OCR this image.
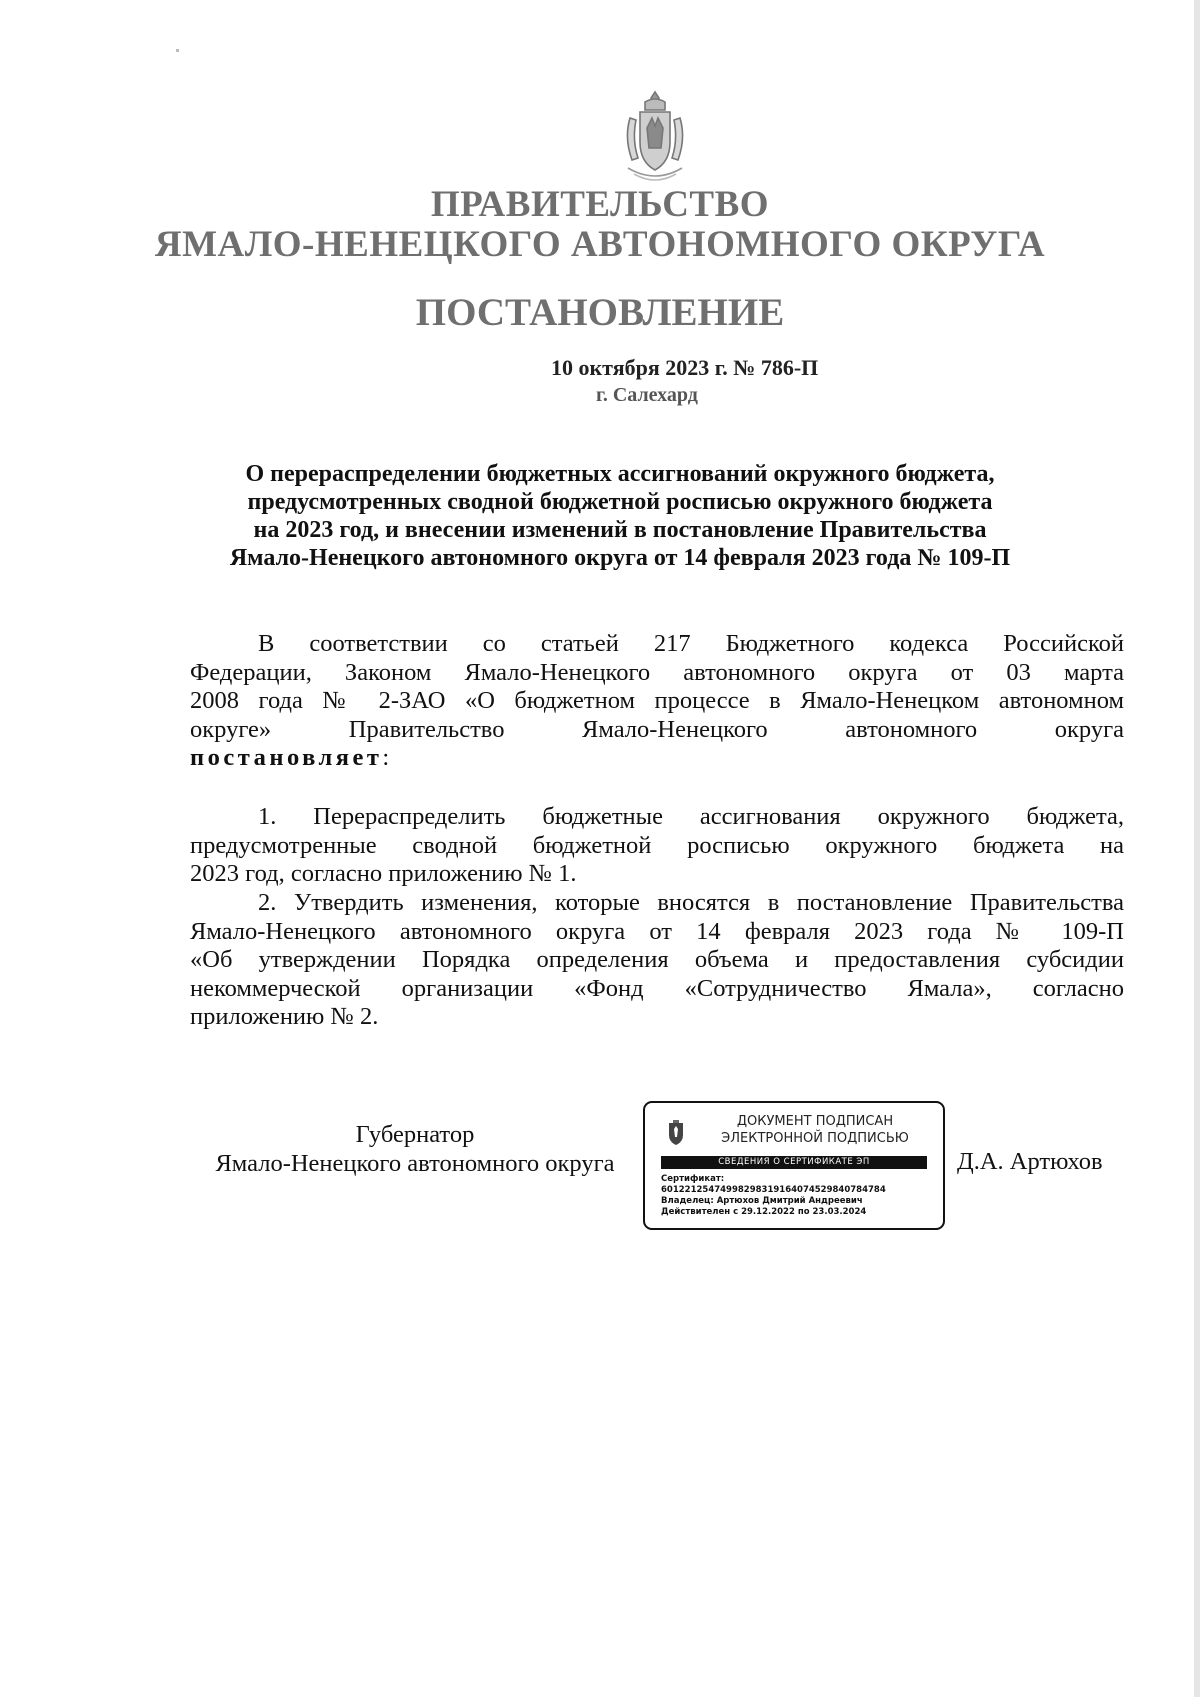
ПРАВИТЕЛЬСТВО
ЯМАЛО-НЕНЕЦКОГО АВТОНОМНОГО ОКРУГА
ПОСТАНОВЛЕНИЕ
10 октября 2023 г. № 786-П
г. Салехард
О перераспределении бюджетных ассигнований окружного бюджета,
предусмотренных сводной бюджетной росписью окружного бюджета
на 2023 год, и внесении изменений в постановление Правительства
Ямало-Ненецкого автономного округа от 14 февраля 2023 года № 109-П
В соответствии со статьей 217 Бюджетного кодекса Российской
Федерации, Законом Ямало-Ненецкого автономного округа от 03 марта
2008 года № 2-ЗАО «О бюджетном процессе в Ямало-Ненецком автономном
округе» Правительство Ямало-Ненецкого автономного округа
постановляет:
1. Перераспределить бюджетные ассигнования окружного бюджета,
предусмотренные сводной бюджетной росписью окружного бюджета на
2023 год, согласно приложению № 1.
2. Утвердить изменения, которые вносятся в постановление Правительства
Ямало-Ненецкого автономного округа от 14 февраля 2023 года № 109-П
«Об утверждении Порядка определения объема и предоставления субсидии
некоммерческой организации «Фонд «Сотрудничество Ямала», согласно
приложению № 2.
Губернатор
Ямало-Ненецкого автономного округа
ДОКУМЕНТ ПОДПИСАН
ЭЛЕКТРОННОЙ ПОДПИСЬЮ
СВЕДЕНИЯ О СЕРТИФИКАТЕ ЭП
Сертификат:
60122125474998298319164074529840784784
Владелец: Артюхов Дмитрий Андреевич
Действителен с 29.12.2022 по 23.03.2024
Д.А. Артюхов
